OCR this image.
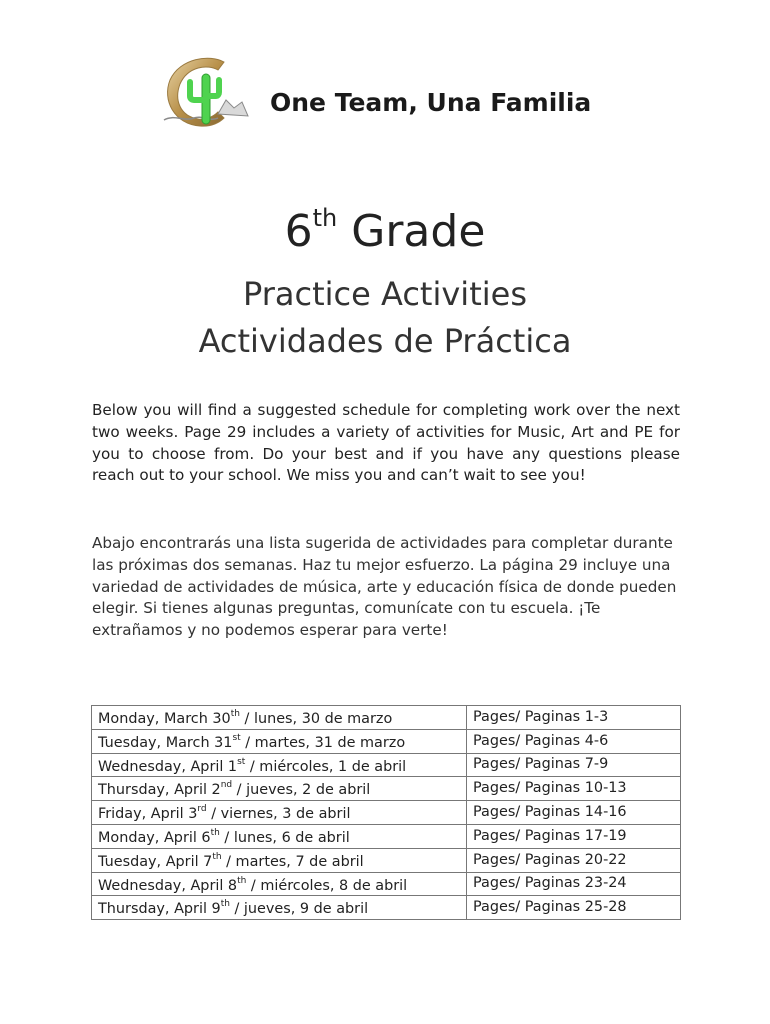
One Team, Una Familia
6th Grade
Practice Activities
Actividades de Práctica
Below you will find a suggested schedule for completing work over the next two weeks. Page 29 includes a variety of activities for Music, Art and PE for you to choose from. Do your best and if you have any questions please reach out to your school. We miss you and can’t wait to see you!
Abajo encontrarás una lista sugerida de actividades para completar durante las próximas dos semanas. Haz tu mejor esfuerzo. La página 29 incluye una variedad de actividades de música, arte y educación física de donde pueden elegir. Si tienes algunas preguntas, comunícate con tu escuela. ¡Te extrañamos y no podemos esperar para verte!
Monday, March 30th / lunes, 30 de marzo	Pages/ Paginas 1-3
Tuesday, March 31st / martes, 31 de marzo	Pages/ Paginas 4-6
Wednesday, April 1st / miércoles, 1 de abril	Pages/ Paginas 7-9
Thursday, April 2nd / jueves, 2 de abril	Pages/ Paginas 10-13
Friday, April 3rd / viernes, 3 de abril	Pages/ Paginas 14-16
Monday, April 6th / lunes, 6 de abril	Pages/ Paginas 17-19
Tuesday, April 7th / martes, 7 de abril	Pages/ Paginas 20-22
Wednesday, April 8th / miércoles, 8 de abril	Pages/ Paginas 23-24
Thursday, April 9th / jueves, 9 de abril	Pages/ Paginas 25-28
